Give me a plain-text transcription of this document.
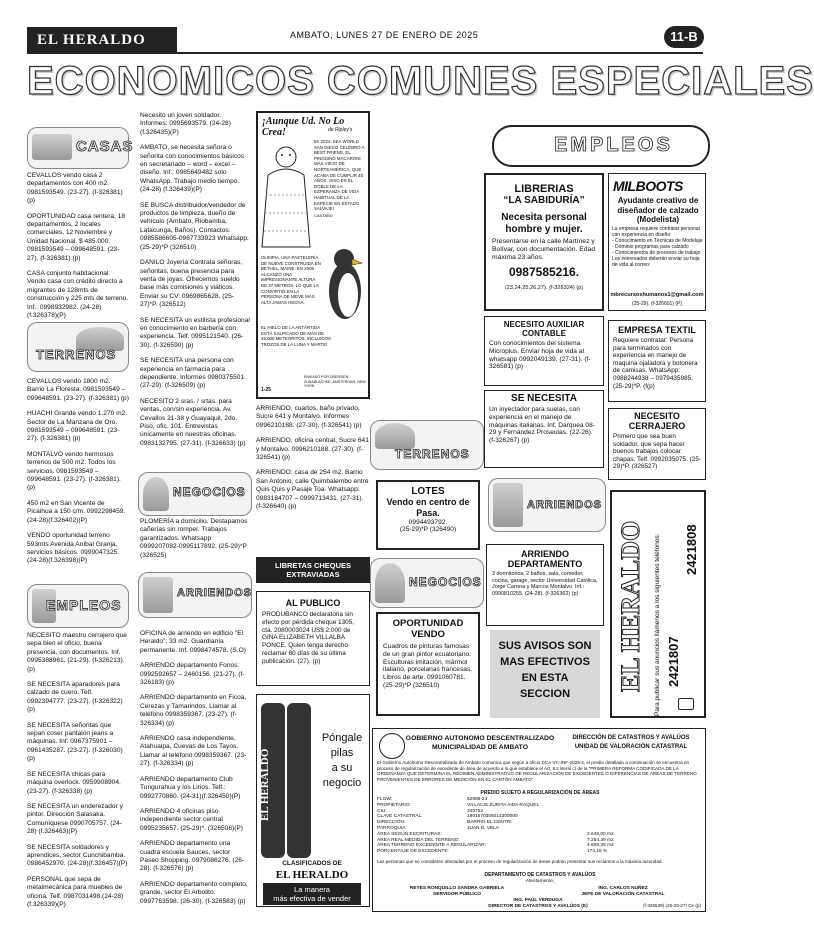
EL HERALDO	AMBATO, LUNES 27 DE ENERO DE 2025	11-B
ECONOMICOS COMUNES ESPECIALES
CASAS

CEVALLOS vendo casa 2 departamentos con 400 m2. 0981593549. (23-27). (f-326381) (p)

OPORTUNIDAD casa rentera, 18 departamentos, 2 locales comerciales, 12 Noviembre y Unidad Nacional. $ 485.000. 0981593549 – 099648591. (23-27). (f-326381) (p)

CASA conjunto habitacional. Vendo casa con crédito directo a migrantes de 128mts de construcción y 225 mts de terreno. Inf.: 0998932982. (24-28)(f.326378)(P)

TERRENOS

CEVALLOS vendo 1800 m2. Barrio La Floresta. 0981593549 – 099648591. (23-27). (f-326381) (p)

HUACHI Grande vendo 1.270 m2. Sector de La Manzana de Oro. 0981593549 – 099648591. (23-27). (f-326381) (p)

MONTALVO vendo hermosos terrenos de 500 m2. Todos los servicios. 0981593549 – 099648591. (23-27). (f-326381). (p)

450 m2 en San Vicente de Picaihua a 150 c/m. 0992298459. (24-28)(f.326402)(P)

VENDO oportunidad terreno 593mts Avenida Aníbal Granja, servicios básicos. 0999047325. (24-28)(f.326398)(P)

EMPLEOS

NECESITO maestro cerrajero que sepa bien el oficio, buena presencia, con documentos. Inf. 0995388961. (21-29). (f-326213). (p)

SE NECESITA aparadores para calzado de cuero. Telf. 0992394777. (23-27). (f-326322) (p)

SE NECESITA señoritas que sepan coser pantalón jeans a máquinas. Inf. 0967375901 – 0961435287. (23-27). (f-326030) (p)

SE NECESITA chicas para máquina overlock. 0959908904. (23-27). (f-326338) (p)

SE NECESITA un enderezador y pintor. Dirección Salasaka. Comuníquese 0990705757. (24-28) (f.326463)(P)

SE NECESITA soldadores y aprendices, sector Cunchibamba. 0986452970. (24-28)(f.326457)(P)

PERSONAL que sepa de metalmecánica para muebles de oficina. Telf. 0987031498.(24-28) (f.326339)(P)

Necesito un joven soldador. Informes: 0995693579. (24-28) (f.326435)(P)

AMBATO, se necesita señora o señorita con conocimientos básicos en secretariado – word – excel – diseño. Inf.: 0985649482 solo WhatsApp. Trabajo medio tiempo. (24-28) (f.326439)(P)

SE BUSCA distribuidor/vendedor de productos de limpieza, dueño de vehículo (Ambato, Riobamba, Latacunga, Baños). Contactos: 0985586605-0967733923 Whatsapp. (25-29)*P (326510)

DANILO Joyería Contrata señoras, señoritas, buena presencia para venta de joyas. Ofrecemos sueldo base más comisiones y viáticos. Enviar su CV: 0969865628. (25-27)*P. (326512)

SE NECESITA un estilista profesional en conocimiento en barbería con experiencia. Telf. 0995121540. (26-30). (f-326590) (p)

SE NECESITA una persona con experiencia en farmacia para dependiente. Informes 0980375501. (27-29). (f-326509) (p)

NECESITO 2 sras. / srtas. para ventas, con/sin experiencia. Av. Cevallos 21-38 y Guayaquil, 2do. Piso, ofic. 101. Entrevistas únicamente en nuestras oficinas. 0983132795. (27-31). (f-326633) (p)

NEGOCIOS

PLOMERÍA a domicilio. Destapamos cañerías sin romper. Trabajos garantizados. Whatsapp 0999207082-0995117892. (25-29)*P (326525)

ARRIENDOS

OFICINA de arriendo en edificio "El Heraldo"; 33 m2. Guardianía permanente. Inf. 0998474578. (S.O)

ARRIENDO departamento Fonos: 0992592657 – 2460156. (21-27). (f-326183) (p)

ARRIENDO departamento en Ficoa, Cerezas y Tamarindos. Llamar al teléfono 0998359367. (23-27). (f-326334) (p)

ARRIENDO casa independiente, Atahualpa, Cuevas de Los Tayos. Llamar al teléfono 0998359367. (23-27). (f-326334) (p)

ARRIENDO departamento Club Tungurahua y los Lirios. Telf.: 0992770860. (24-31)(f.326450)(P)

ARRIENDO 4 oficinas piso independiente sector central 0995235657. (25-29)*. (326506)(P)

ARRIENDO departamento una cuadra escuela Sauces, sector Paseo Shopping. 0979086276. (26-28). (f-326576) (p)

ARRIENDO departamento completo, grande, sector El Arbolito. 0997763598. (26-30). (f-326583) (p)

¡Aunque Ud. No Lo Crea!	de Ripley's
En 2024, SEA WORLD SAN DIEGO CELEBRÓ A BEST FRIEND, EL PINGÜINO MACARONI MÁS VIEJO DE NORTEAMÉRICA, QUE ACABA DE CUMPLIR 40 AÑOS. ¡ESO ES EL DOBLE DE LA ESPERANZA DE VIDA HABITUAL DE LA ESPECIE EN ESTADO SALVAJE!
OLIMPIA, UNA PASTELERÍA DE NUEVE CONSTRUIDA EN BETHEL, MAINE, EN 2008 ALCANZÓ UNA IMPRESIONANTE ALTURA DE 37 METROS, LO QUE LA CONVIRTIÓ EN LA PERSONA DE NIEVE MÁS ALTA JAMÁS HECHA.
CASTAÑO
EL HIELO DE LA ANTÁRTIDA ESTÁ SALPICADO DE MÁS DE 45.000 METEORITOS, INCLUIDOS TROZOS DE LA LUNA Y MARTE!
ENVIADO POR DREISSEN ZUNABLACHKE, AMSTERDAM, NEW YORK.
1-25

ARRIENDO, cuartos, baño privado, Sucre 641 y Montalvo. Informes 0996210188. (27-30). (f-326541) (p)

ARRIENDO, oficina central, Sucre 641 y Montalvo. 0996210188. (27-30). (f-326541) (p)

ARRIENDO: casa de 254 m2. Barrio San Antonio, calle Quimbalembo entre Quis Quis y Pasaje Toa. Whatsapp: 0983184707 – 0999713431. (27-31). (f-326640) (p)

LIBRETAS CHEQUES EXTRAVIADAS
AL PUBLICO
PRODUBANCO declaratoria sin efecto por pérdida cheque 1305, cta. 2080003024 US$ 2.000 de GINA ELIZABETH VILLALBA PONCE. Quien tenga derecho reclamar 60 días de su última publicación. (27). (p)
EL HERALDO
Póngale
pilas
a su
negocio
CLASIFICADOS DE
EL HERALDO
La manera
más efectiva de vender
EMPLEOS
LIBRERIAS
“LA SABIDURÍA”
Necesita personal hombre y mujer.
Presentarse en la calle Martínez y Bolívar, con documentación. Edad máxima 23 años.
0987585216.
(23,24,25,26,27). (f-326324) (p)
NECESITO AUXILIAR CONTABLE
Con conocimientos del sistema Microplus. Enviar hoja de vida al whatsapp 0992049139. (27-31). (f-326581) (p)
SE NECESITA
Un inyectador para suelas, con experiencia en el manejo de máquinas italianas. Inf. Darquea 08-29 y Fernández Proseulas. (22-26). (f-326267) (p)
TERRENOS
LOTES
Vendo en centro de Pasa.
0994493792.
(25-29)*P (326490)
NEGOCIOS
OPORTUNIDAD VENDO
Cuadros de pinturas famosas de un gran pintor ecuatoriano. Esculturas imitación, mármol italiano, porcelanas francesas. Libros de arte. 0991060781. (25-29)*P (326510)
MILBOOTS
Ayudante creativo de diseñador de calzado (Modelista)
La empresa requiere contratar personal con experiencia en diseño:
- Conocimiento en Técnicas de Modelaje
- Dominio programas para calzado
- Conocimientos de procesos de trabajo
Los interesados deberán enviar su hoja de vida al correo:
mbrecursoshumanos1@gmail.com
(25-29). (f-326601) (P)
EMPRESA TEXTIL
Requiere contratar: Persona para terminados con experiencia en manejo de maquina ojaladora y botonera de camisas. WhatsApp: 0988244938 – 0979435985. (25-29)*P. (f(p)
NECESITO CERRAJERO
Primero que sea buen soldador, que sepa hacer buenos trabajos colocar chapas. Telf. 0992035075. (25-29)*P. (326527)
ARRIENDOS
ARRIENDO DEPARTAMENTO
3 dormitorios, 2 baños, sala, comedor, cocina, garage, sector Universidad Católica, Jorge Carrera y Marcos Montalvo. Inf.: 0990810255. (24-28). (f-326362) (p)
SUS AVISOS SON MAS EFECTIVOS EN ESTA SECCION
EL HERALDO	Para publicar sus anuncios llámenos a los siguientes teléfonos: 2421807
2421808
GOBIERNO AUTONOMO DESCENTRALIZADO
MUNICIPALIDAD DE AMBATO
DIRECCIÓN DE CATASTROS Y AVALÚOS
UNIDAD DE VALORACIÓN CATASTRAL
El Gobierno Autónomo Descentralizado de Ambato comunica que según a oficio DCA-VC-INF-2025-2, el predio detallado a continuación se encuentra en proceso de regularización de excedente de área de acuerdo a lo que establece el Art. 8.2 literal c) de la “PRIMERA REFORMA CODIFICADA DE LA ORDENANZA QUE DETERMINA EL RÉGIMEN ADMINISTRATIVO DE REGULARIZACIÓN DE EXCEDENTES O DIFERENCIAS DE ÁREAS DE TERRENO PROVENIENTES DE ERRORES DE MEDICIÓN EN EL CANTÓN AMBATO”
PREDIO SUJETO A REGULARIZACIÓN DE ÁREAS
FLOW:	62896-24
PROPIETARIO:	VILLACIS ZURITA AIDA RAQUEL
CIU:	349752
CLAVE CATASTRAL:	1801570306014300000
DIRECCIÓN:	BARRIO EL CENTRI
PARROQUIA:	JUAN B. VELA
ÁREA SEGÚN ESCRITURAS:	2.646,00 m2.
ÁREA REAL MEDIDA DEL TERRENO:	7.254,39 m2
ÁREA TERRENO EXCEDENTE A REGULARIZAR:	4.608,39 m2
PORCENTAJE DE EXCEDENTE:	174,16 %
Las personas que se consideren afectadas por el proceso de regularización de áreas podrán presentar sus reclamos a la máxima autoridad.
DEPARTAMENTO DE CATASTROS Y AVALÚOS
Atentamente,
REYES RONQUILLO SANDRA GABRIELA
SERVIDOR PÚBLICO
ING. CARLOS NUÑEZ
JEFE DE VALORACIÓN CATASTRAL
ING. PAÚL VERDUGA
DIRECTOR DE CATASTROS Y AVALÚOS (E)	(f-326539) (25-26-27) Ce (p)
